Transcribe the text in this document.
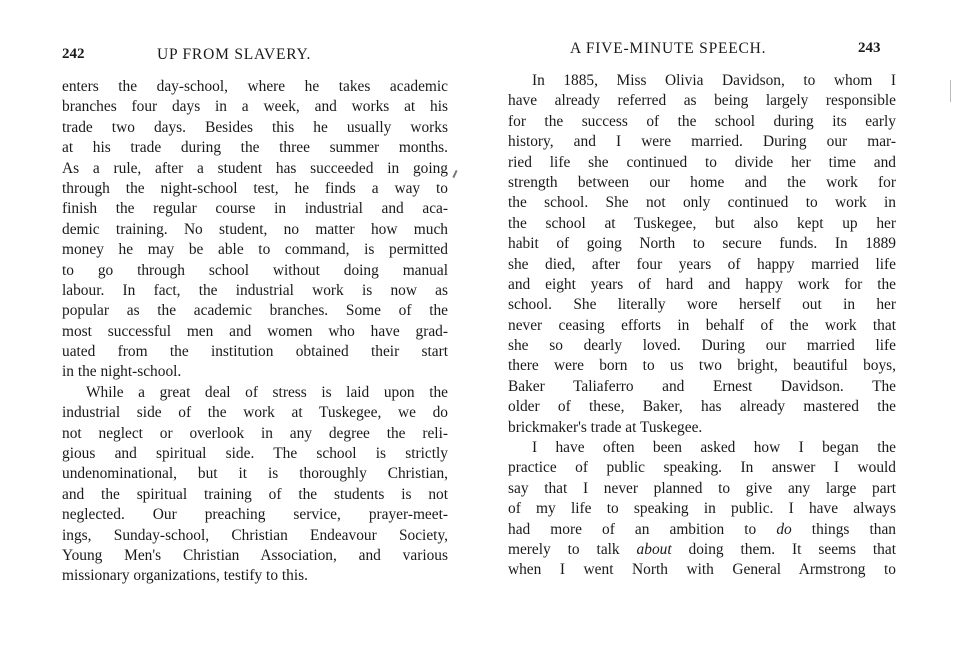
242	UP FROM SLAVERY.
enters the day-school, where he takes academic
branches four days in a week, and works at his
trade two days. Besides this he usually works
at his trade during the three summer months.
As a rule, after a student has succeeded in going
through the night-school test, he finds a way to
finish the regular course in industrial and aca-
demic training. No student, no matter how much
money he may be able to command, is permitted
to go through school without doing manual
labour. In fact, the industrial work is now as
popular as the academic branches. Some of the
most successful men and women who have grad-
uated from the institution obtained their start
in the night-school.
While a great deal of stress is laid upon the
industrial side of the work at Tuskegee, we do
not neglect or overlook in any degree the reli-
gious and spiritual side. The school is strictly
undenominational, but it is thoroughly Christian,
and the spiritual training of the students is not
neglected. Our preaching service, prayer-meet-
ings, Sunday-school, Christian Endeavour Society,
Young Men's Christian Association, and various
missionary organizations, testify to this.
A FIVE-MINUTE SPEECH.	243
In 1885, Miss Olivia Davidson, to whom I
have already referred as being largely responsible
for the success of the school during its early
history, and I were married. During our mar-
ried life she continued to divide her time and
strength between our home and the work for
the school. She not only continued to work in
the school at Tuskegee, but also kept up her
habit of going North to secure funds. In 1889
she died, after four years of happy married life
and eight years of hard and happy work for the
school. She literally wore herself out in her
never ceasing efforts in behalf of the work that
she so dearly loved. During our married life
there were born to us two bright, beautiful boys,
Baker Taliaferro and Ernest Davidson. The
older of these, Baker, has already mastered the
brickmaker's trade at Tuskegee.
I have often been asked how I began the
practice of public speaking. In answer I would
say that I never planned to give any large part
of my life to speaking in public. I have always
had more of an ambition to do things than
merely to talk about doing them. It seems that
when I went North with General Armstrong to
